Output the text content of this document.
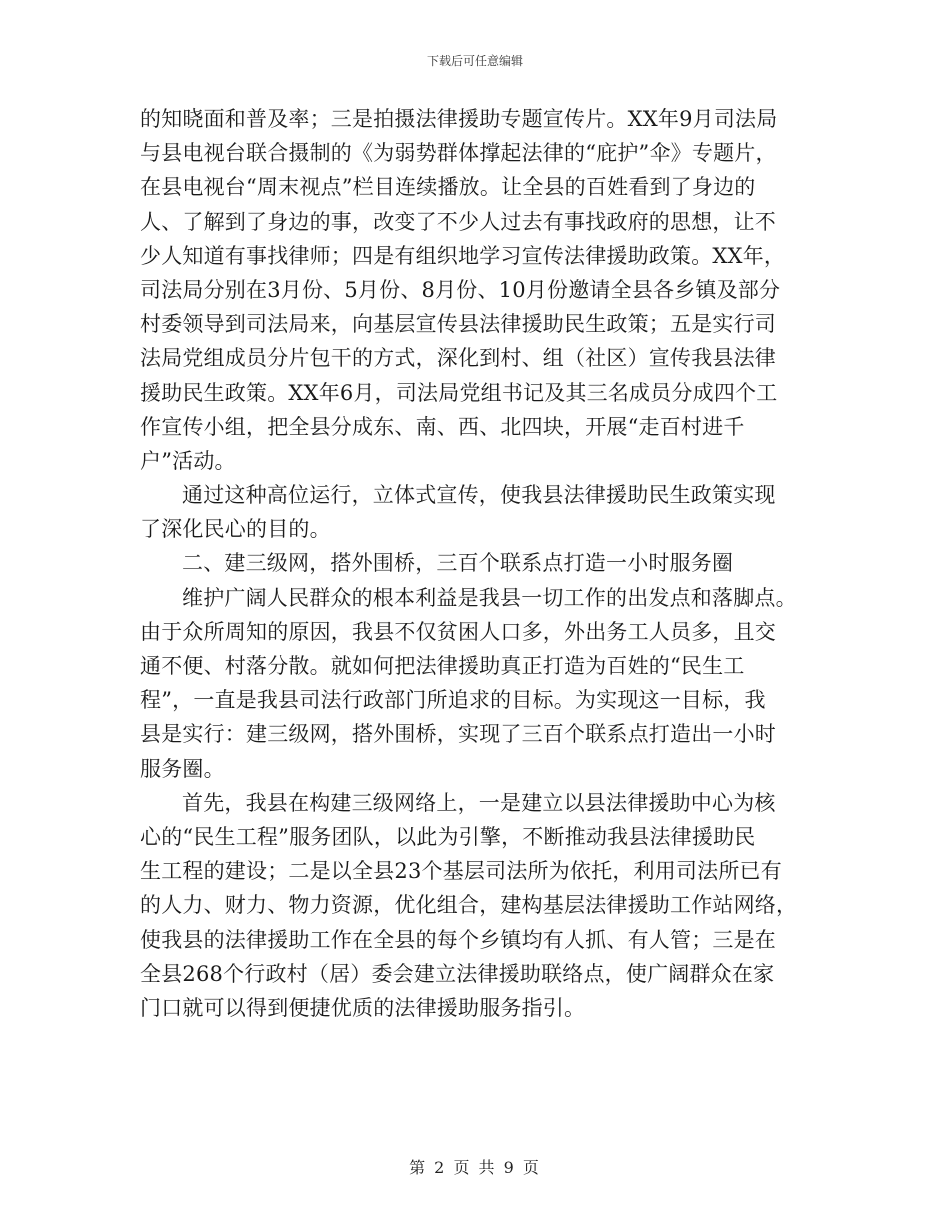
下载后可任意编辑
的知晓面和普及率；三是拍摄法律援助专题宣传片。XX年9月司法局
与县电视台联合摄制的《为弱势群体撑起法律的“庇护”伞》专题片，
在县电视台“周末视点”栏目连续播放。让全县的百姓看到了身边的
人、了解到了身边的事，改变了不少人过去有事找政府的思想，让不
少人知道有事找律师；四是有组织地学习宣传法律援助政策。XX年，
司法局分别在3月份、5月份、8月份、10月份邀请全县各乡镇及部分
村委领导到司法局来，向基层宣传县法律援助民生政策；五是实行司
法局党组成员分片包干的方式，深化到村、组（社区）宣传我县法律
援助民生政策。XX年6月，司法局党组书记及其三名成员分成四个工
作宣传小组，把全县分成东、南、西、北四块，开展“走百村进千
户”活动。
通过这种高位运行，立体式宣传，使我县法律援助民生政策实现
了深化民心的目的。
二、建三级网，搭外围桥，三百个联系点打造一小时服务圈
维护广阔人民群众的根本利益是我县一切工作的出发点和落脚点。
由于众所周知的原因，我县不仅贫困人口多，外出务工人员多，且交
通不便、村落分散。就如何把法律援助真正打造为百姓的“民生工
程”，一直是我县司法行政部门所追求的目标。为实现这一目标，我
县是实行：建三级网，搭外围桥，实现了三百个联系点打造出一小时
服务圈。
首先，我县在构建三级网络上，一是建立以县法律援助中心为核
心的“民生工程”服务团队，以此为引擎，不断推动我县法律援助民
生工程的建设；二是以全县23个基层司法所为依托，利用司法所已有
的人力、财力、物力资源，优化组合，建构基层法律援助工作站网络，
使我县的法律援助工作在全县的每个乡镇均有人抓、有人管；三是在
全县268个行政村（居）委会建立法律援助联络点，使广阔群众在家
门口就可以得到便捷优质的法律援助服务指引。
第 2 页 共 9 页
